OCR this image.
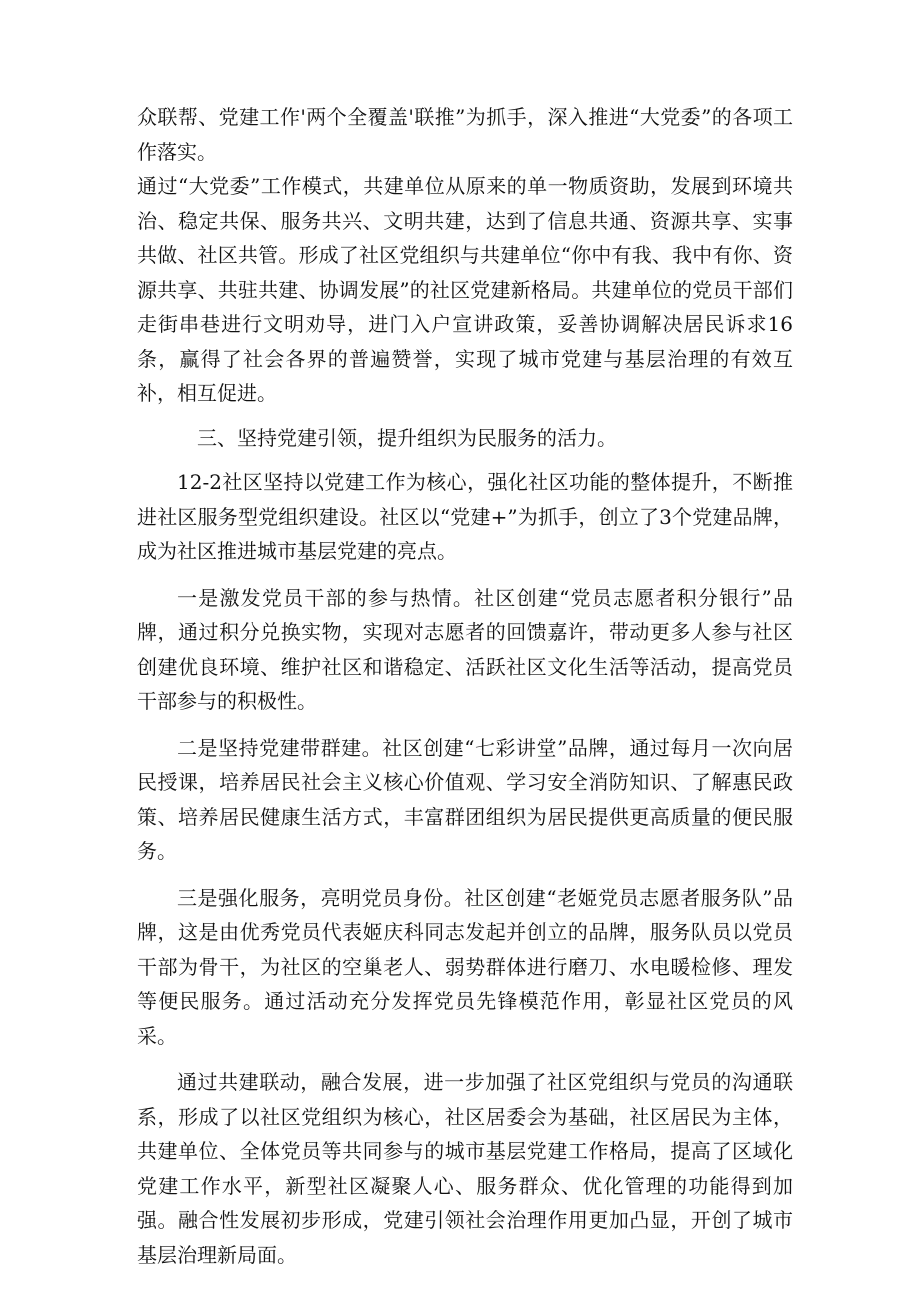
众联帮、党建工作'两个全覆盖'联推”为抓手，深入推进“大党委”的各项工作落实。

通过“大党委”工作模式，共建单位从原来的单一物质资助，发展到环境共治、稳定共保、服务共兴、文明共建，达到了信息共通、资源共享、实事共做、社区共管。形成了社区党组织与共建单位“你中有我、我中有你、资源共享、共驻共建、协调发展”的社区党建新格局。共建单位的党员干部们走街串巷进行文明劝导，进门入户宣讲政策，妥善协调解决居民诉求16条，赢得了社会各界的普遍赞誉，实现了城市党建与基层治理的有效互补，相互促进。

三、坚持党建引领，提升组织为民服务的活力。

12-2社区坚持以党建工作为核心，强化社区功能的整体提升，不断推进社区服务型党组织建设。社区以“党建+”为抓手，创立了3个党建品牌，成为社区推进城市基层党建的亮点。

一是激发党员干部的参与热情。社区创建“党员志愿者积分银行”品牌，通过积分兑换实物，实现对志愿者的回馈嘉许，带动更多人参与社区创建优良环境、维护社区和谐稳定、活跃社区文化生活等活动，提高党员干部参与的积极性。

二是坚持党建带群建。社区创建“七彩讲堂”品牌，通过每月一次向居民授课，培养居民社会主义核心价值观、学习安全消防知识、了解惠民政策、培养居民健康生活方式，丰富群团组织为居民提供更高质量的便民服务。

三是强化服务，亮明党员身份。社区创建“老姬党员志愿者服务队”品牌，这是由优秀党员代表姬庆科同志发起并创立的品牌，服务队员以党员干部为骨干，为社区的空巢老人、弱势群体进行磨刀、水电暖检修、理发等便民服务。通过活动充分发挥党员先锋模范作用，彰显社区党员的风采。

通过共建联动，融合发展，进一步加强了社区党组织与党员的沟通联系，形成了以社区党组织为核心，社区居委会为基础，社区居民为主体，共建单位、全体党员等共同参与的城市基层党建工作格局，提高了区域化党建工作水平，新型社区凝聚人心、服务群众、优化管理的功能得到加强。融合性发展初步形成，党建引领社会治理作用更加凸显，开创了城市基层治理新局面。
